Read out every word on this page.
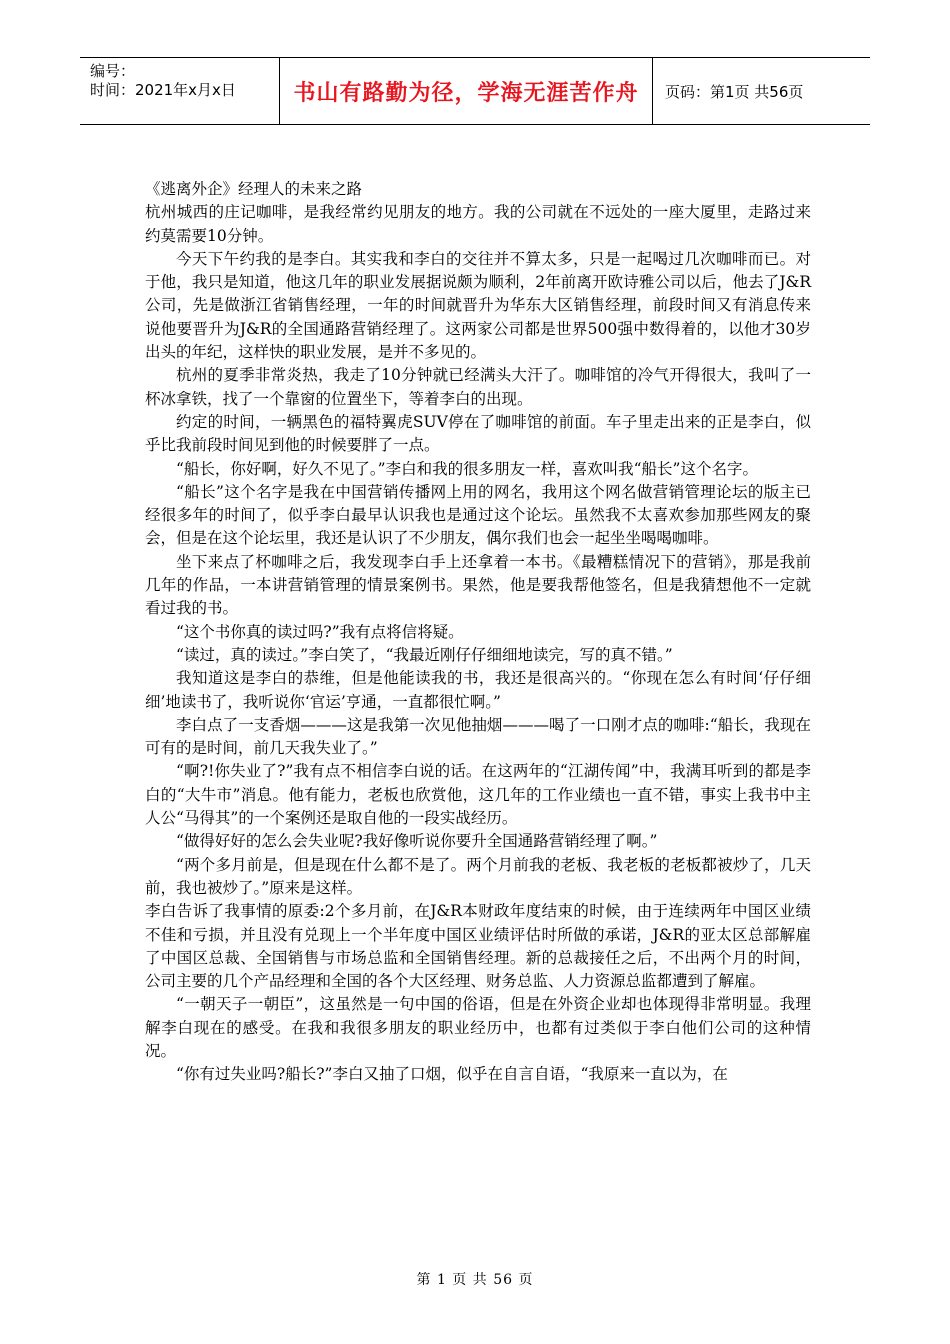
编号：
时间：2021年x月x日	书山有路勤为径，学海无涯苦作舟	页码：第1页 共56页

《逃离外企》经理人的未来之路

杭州城西的庄记咖啡，是我经常约见朋友的地方。我的公司就在不远处的一座大厦里，走路过来约莫需要10分钟。

今天下午约我的是李白。其实我和李白的交往并不算太多，只是一起喝过几次咖啡而已。对于他，我只是知道，他这几年的职业发展据说颇为顺利，2年前离开欧诗雅公司以后，他去了J&R公司，先是做浙江省销售经理，一年的时间就晋升为华东大区销售经理，前段时间又有消息传来说他要晋升为J&R的全国通路营销经理了。这两家公司都是世界500强中数得着的，以他才30岁出头的年纪，这样快的职业发展，是并不多见的。

杭州的夏季非常炎热，我走了10分钟就已经满头大汗了。咖啡馆的冷气开得很大，我叫了一杯冰拿铁，找了一个靠窗的位置坐下，等着李白的出现。

约定的时间，一辆黑色的福特翼虎SUV停在了咖啡馆的前面。车子里走出来的正是李白，似乎比我前段时间见到他的时候要胖了一点。

“船长，你好啊，好久不见了。”李白和我的很多朋友一样，喜欢叫我“船长”这个名字。

“船长”这个名字是我在中国营销传播网上用的网名，我用这个网名做营销管理论坛的版主已经很多年的时间了，似乎李白最早认识我也是通过这个论坛。虽然我不太喜欢参加那些网友的聚会，但是在这个论坛里，我还是认识了不少朋友，偶尔我们也会一起坐坐喝喝咖啡。

坐下来点了杯咖啡之后，我发现李白手上还拿着一本书。《最糟糕情况下的营销》，那是我前几年的作品，一本讲营销管理的情景案例书。果然，他是要我帮他签名，但是我猜想他不一定就看过我的书。

“这个书你真的读过吗?”我有点将信将疑。

“读过，真的读过。”李白笑了，“我最近刚仔仔细细地读完，写的真不错。”

我知道这是李白的恭维，但是他能读我的书，我还是很高兴的。“你现在怎么有时间‘仔仔细细’地读书了，我听说你‘官运’亨通，一直都很忙啊。”

李白点了一支香烟———这是我第一次见他抽烟———喝了一口刚才点的咖啡:“船长，我现在可有的是时间，前几天我失业了。”

“啊?!你失业了?”我有点不相信李白说的话。在这两年的“江湖传闻”中，我满耳听到的都是李白的“大牛市”消息。他有能力，老板也欣赏他，这几年的工作业绩也一直不错，事实上我书中主人公“马得其”的一个案例还是取自他的一段实战经历。

“做得好好的怎么会失业呢?我好像听说你要升全国通路营销经理了啊。”

“两个多月前是，但是现在什么都不是了。两个月前我的老板、我老板的老板都被炒了，几天前，我也被炒了。”原来是这样。

李白告诉了我事情的原委:2个多月前，在J&R本财政年度结束的时候，由于连续两年中国区业绩不佳和亏损，并且没有兑现上一个半年度中国区业绩评估时所做的承诺，J&R的亚太区总部解雇了中国区总裁、全国销售与市场总监和全国销售经理。新的总裁接任之后，不出两个月的时间，公司主要的几个产品经理和全国的各个大区经理、财务总监、人力资源总监都遭到了解雇。

“一朝天子一朝臣”，这虽然是一句中国的俗语，但是在外资企业却也体现得非常明显。我理解李白现在的感受。在我和我很多朋友的职业经历中，也都有过类似于李白他们公司的这种情况。

“你有过失业吗?船长?”李白又抽了口烟，似乎在自言自语，“我原来一直以为，在

第 1 页 共 56 页
